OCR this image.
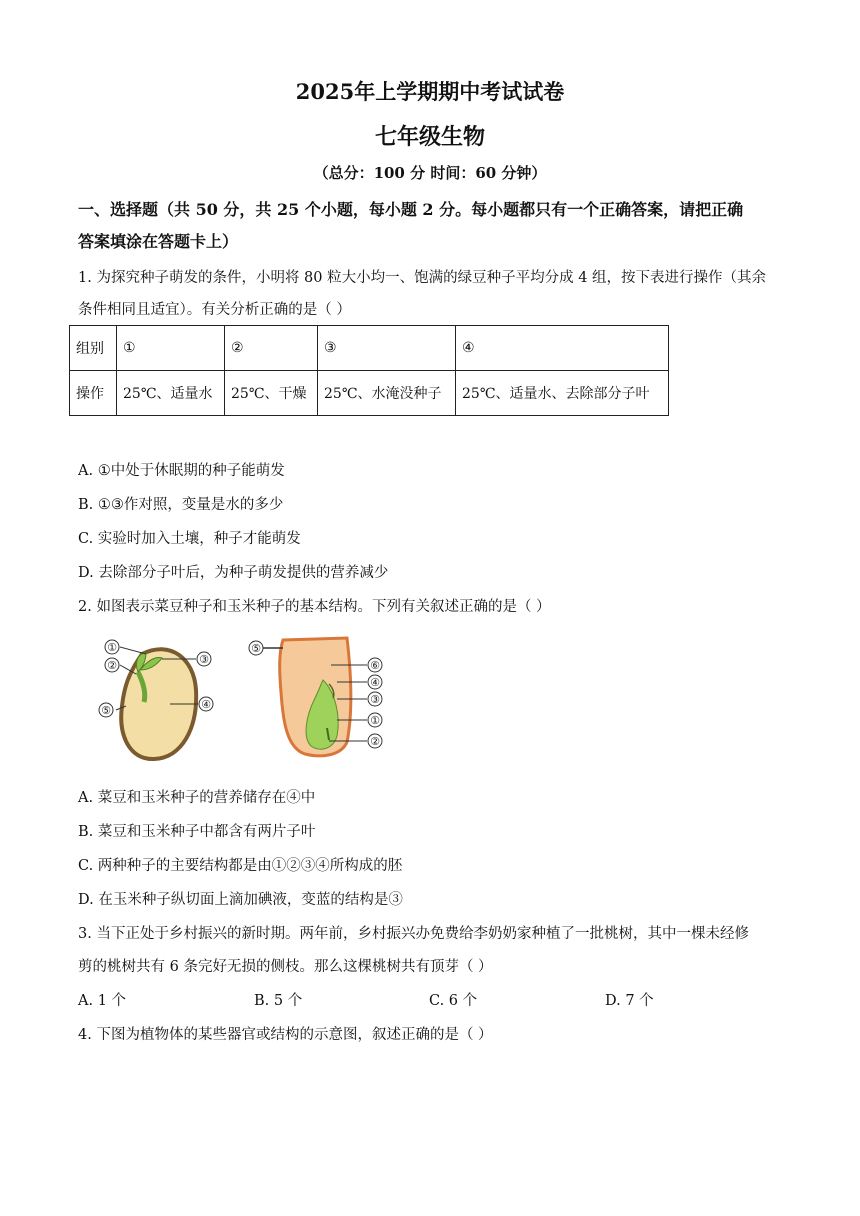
2025年上学期期中考试试卷
七年级生物
（总分：100 分 时间：60 分钟）
一、选择题（共 50 分，共 25 个小题，每小题 2 分。每小题都只有一个正确答案，请把正确
答案填涂在答题卡上）
1. 为探究种子萌发的条件，小明将 80 粒大小均一、饱满的绿豆种子平均分成 4 组，按下表进行操作（其余
条件相同且适宜）。有关分析正确的是（ ）
组别	①	②	③	④
操作	25℃、适量水	25℃、干燥	25℃、水淹没种子	25℃、适量水、去除部分子叶
A. ①中处于休眠期的种子能萌发
B. ①③作对照，变量是水的多少
C. 实验时加入土壤，种子才能萌发
D. 去除部分子叶后，为种子萌发提供的营养减少
2. 如图表示菜豆种子和玉米种子的基本结构。下列有关叙述正确的是（ ）
①
②	③
④
⑤
⑤
⑥
④
③
①
②
A. 菜豆和玉米种子的营养储存在④中
B. 菜豆和玉米种子中都含有两片子叶
C. 两种种子的主要结构都是由①②③④所构成的胚
D. 在玉米种子纵切面上滴加碘液，变蓝的结构是③
3. 当下正处于乡村振兴的新时期。两年前，乡村振兴办免费给李奶奶家种植了一批桃树，其中一棵未经修
剪的桃树共有 6 条完好无损的侧枝。那么这棵桃树共有顶芽（ ）
A. 1 个	B. 5 个	C. 6 个	D. 7 个
4. 下图为植物体的某些器官或结构的示意图，叙述正确的是（ ）
